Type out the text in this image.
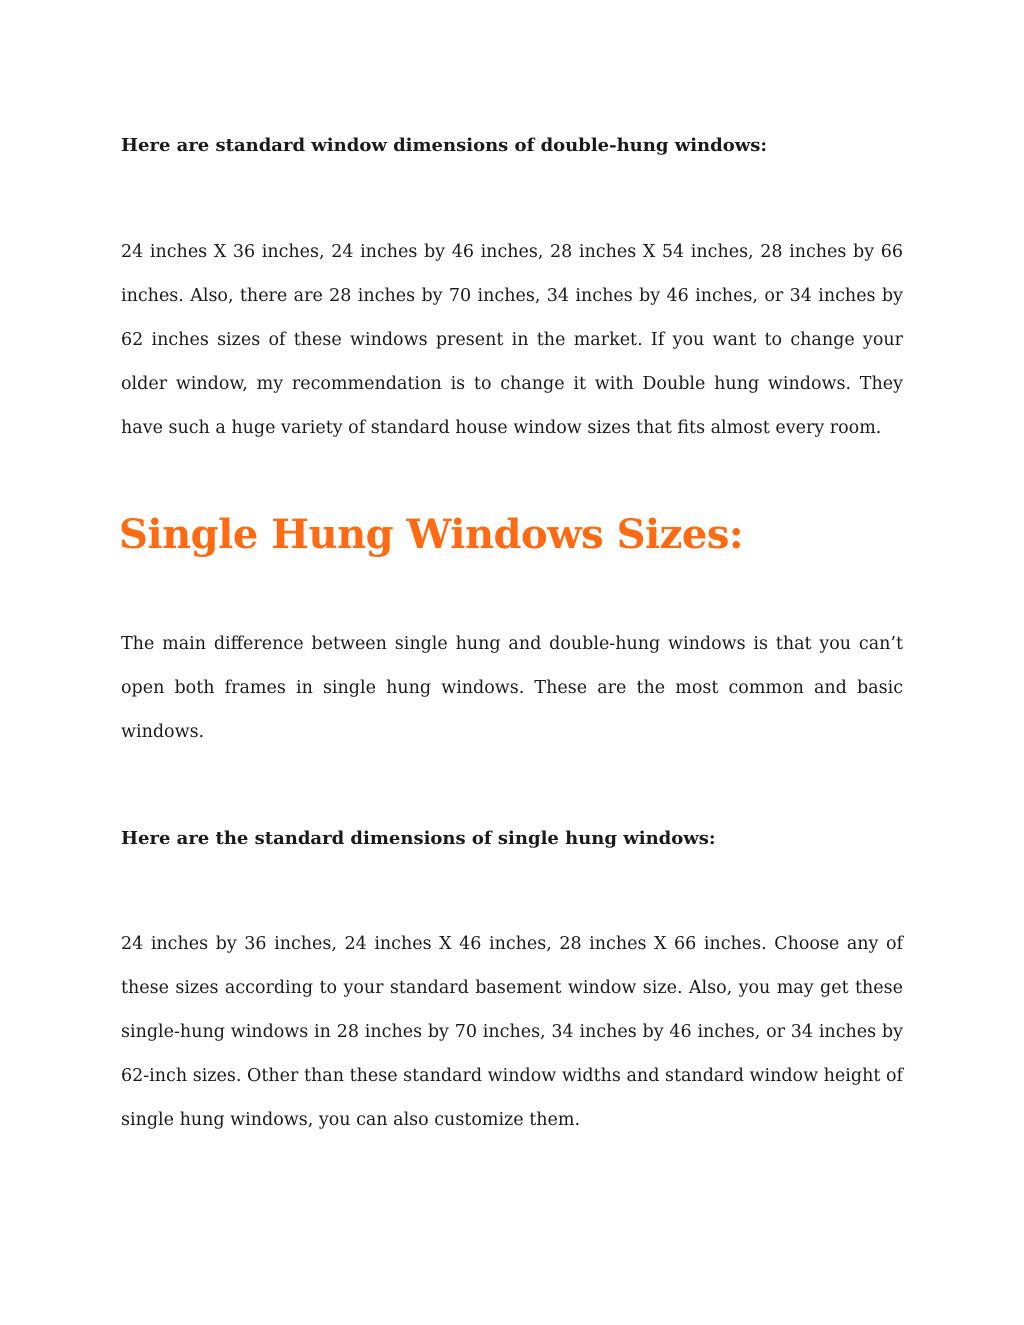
Here are standard window dimensions of double-hung windows:

24 inches X 36 inches, 24 inches by 46 inches, 28 inches X 54 inches, 28 inches by 66 inches. Also, there are 28 inches by 70 inches, 34 inches by 46 inches, or 34 inches by 62 inches sizes of these windows present in the market. If you want to change your older window, my recommendation is to change it with Double hung windows. They have such a huge variety of standard house window sizes that fits almost every room.

Single Hung Windows Sizes:

The main difference between single hung and double-hung windows is that you can’t open both frames in single hung windows. These are the most common and basic windows.

Here are the standard dimensions of single hung windows:

24 inches by 36 inches, 24 inches X 46 inches, 28 inches X 66 inches. Choose any of these sizes according to your standard basement window size. Also, you may get these single-hung windows in 28 inches by 70 inches, 34 inches by 46 inches, or 34 inches by 62-inch sizes. Other than these standard window widths and standard window height of single hung windows, you can also customize them.
